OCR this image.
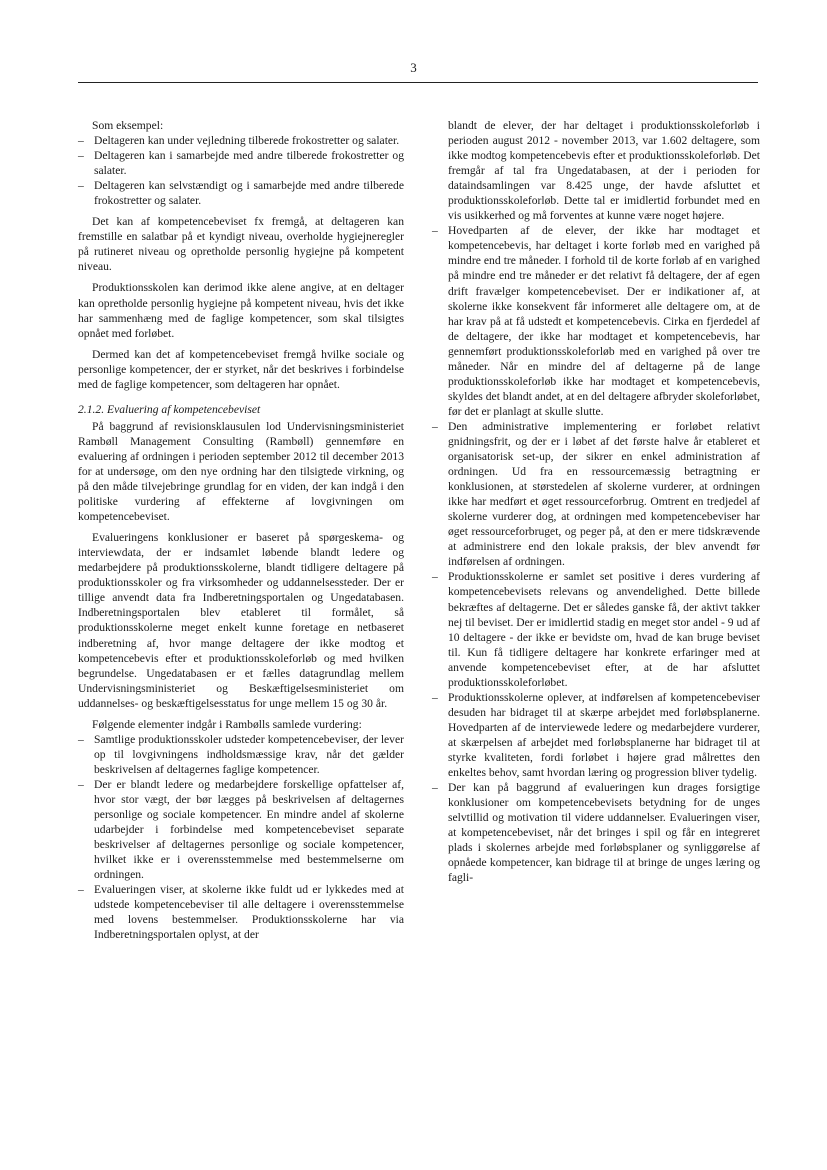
3

Som eksempel:

– Deltageren kan under vejledning tilberede frokostretter og salater.
– Deltageren kan i samarbejde med andre tilberede frokostretter og salater.
– Deltageren kan selvstændigt og i samarbejde med andre tilberede frokostretter og salater.

Det kan af kompetencebeviset fx fremgå, at deltageren kan fremstille en salatbar på et kyndigt niveau, overholde hygiejneregler på rutineret niveau og opretholde personlig hygiejne på kompetent niveau.

Produktionsskolen kan derimod ikke alene angive, at en deltager kan opretholde personlig hygiejne på kompetent niveau, hvis det ikke har sammenhæng med de faglige kompetencer, som skal tilsigtes opnået med forløbet.

Dermed kan det af kompetencebeviset fremgå hvilke sociale og personlige kompetencer, der er styrket, når det beskrives i forbindelse med de faglige kompetencer, som deltageren har opnået.

2.1.2. Evaluering af kompetencebeviset

På baggrund af revisionsklausulen lod Undervisningsministeriet Rambøll Management Consulting (Rambøll) gennemføre en evaluering af ordningen i perioden september 2012 til december 2013 for at undersøge, om den nye ordning har den tilsigtede virkning, og på den måde tilvejebringe grundlag for en viden, der kan indgå i den politiske vurdering af effekterne af lovgivningen om kompetencebeviset.

Evalueringens konklusioner er baseret på spørgeskema- og interviewdata, der er indsamlet løbende blandt ledere og medarbejdere på produktionsskolerne, blandt tidligere deltagere på produktionsskoler og fra virksomheder og uddannelsessteder. Der er tillige anvendt data fra Indberetningsportalen og Ungedatabasen. Indberetningsportalen blev etableret til formålet, så produktionsskolerne meget enkelt kunne foretage en netbaseret indberetning af, hvor mange deltagere der ikke modtog et kompetencebevis efter et produktionsskoleforløb og med hvilken begrundelse. Ungedatabasen er et fælles datagrundlag mellem Undervisningsministeriet og Beskæftigelsesministeriet om uddannelses- og beskæftigelsesstatus for unge mellem 15 og 30 år.

Følgende elementer indgår i Rambølls samlede vurdering:

– Samtlige produktionsskoler udsteder kompetencebeviser, der lever op til lovgivningens indholdsmæssige krav, når det gælder beskrivelsen af deltagernes faglige kompetencer.
– Der er blandt ledere og medarbejdere forskellige opfattelser af, hvor stor vægt, der bør lægges på beskrivelsen af deltagernes personlige og sociale kompetencer. En mindre andel af skolerne udarbejder i forbindelse med kompetencebeviset separate beskrivelser af deltagernes personlige og sociale kompetencer, hvilket ikke er i overensstemmelse med bestemmelserne om ordningen.
– Evalueringen viser, at skolerne ikke fuldt ud er lykkedes med at udstede kompetencebeviser til alle deltagere i overensstemmelse med lovens bestemmelser. Produktionsskolerne har via Indberetningsportalen oplyst, at der
blandt de elever, der har deltaget i produktionsskoleforløb i perioden august 2012 - november 2013, var 1.602 deltagere, som ikke modtog kompetencebevis efter et produktionsskoleforløb. Det fremgår af tal fra Ungedatabasen, at der i perioden for dataindsamlingen var 8.425 unge, der havde afsluttet et produktionsskoleforløb. Dette tal er imidlertid forbundet med en vis usikkerhed og må forventes at kunne være noget højere.
– Hovedparten af de elever, der ikke har modtaget et kompetencebevis, har deltaget i korte forløb med en varighed på mindre end tre måneder. I forhold til de korte forløb af en varighed på mindre end tre måneder er det relativt få deltagere, der af egen drift fravælger kompetencebeviset. Der er indikationer af, at skolerne ikke konsekvent får informeret alle deltagere om, at de har krav på at få udstedt et kompetencebevis. Cirka en fjerdedel af de deltagere, der ikke har modtaget et kompetencebevis, har gennemført produktionsskoleforløb med en varighed på over tre måneder. Når en mindre del af deltagerne på de lange produktionsskoleforløb ikke har modtaget et kompetencebevis, skyldes det blandt andet, at en del deltagere afbryder skoleforløbet, før det er planlagt at skulle slutte.
– Den administrative implementering er forløbet relativt gnidningsfrit, og der er i løbet af det første halve år etableret et organisatorisk set-up, der sikrer en enkel administration af ordningen. Ud fra en ressourcemæssig betragtning er konklusionen, at størstedelen af skolerne vurderer, at ordningen ikke har medført et øget ressourceforbrug. Omtrent en tredjedel af skolerne vurderer dog, at ordningen med kompetencebeviser har øget ressourceforbruget, og peger på, at den er mere tidskrævende at administrere end den lokale praksis, der blev anvendt før indførelsen af ordningen.
– Produktionsskolerne er samlet set positive i deres vurdering af kompetencebevisets relevans og anvendelighed. Dette billede bekræftes af deltagerne. Det er således ganske få, der aktivt takker nej til beviset. Der er imidlertid stadig en meget stor andel - 9 ud af 10 deltagere - der ikke er bevidste om, hvad de kan bruge beviset til. Kun få tidligere deltagere har konkrete erfaringer med at anvende kompetencebeviset efter, at de har afsluttet produktionsskoleforløbet.
– Produktionsskolerne oplever, at indførelsen af kompetencebeviser desuden har bidraget til at skærpe arbejdet med forløbsplanerne. Hovedparten af de interviewede ledere og medarbejdere vurderer, at skærpelsen af arbejdet med forløbsplanerne har bidraget til at styrke kvaliteten, fordi forløbet i højere grad målrettes den enkeltes behov, samt hvordan læring og progression bliver tydelig.
– Der kan på baggrund af evalueringen kun drages forsigtige konklusioner om kompetencebevisets betydning for de unges selvtillid og motivation til videre uddannelser. Evalueringen viser, at kompetencebeviset, når det bringes i spil og får en integreret plads i skolernes arbejde med forløbsplaner og synliggørelse af opnåede kompetencer, kan bidrage til at bringe de unges læring og fagli-
